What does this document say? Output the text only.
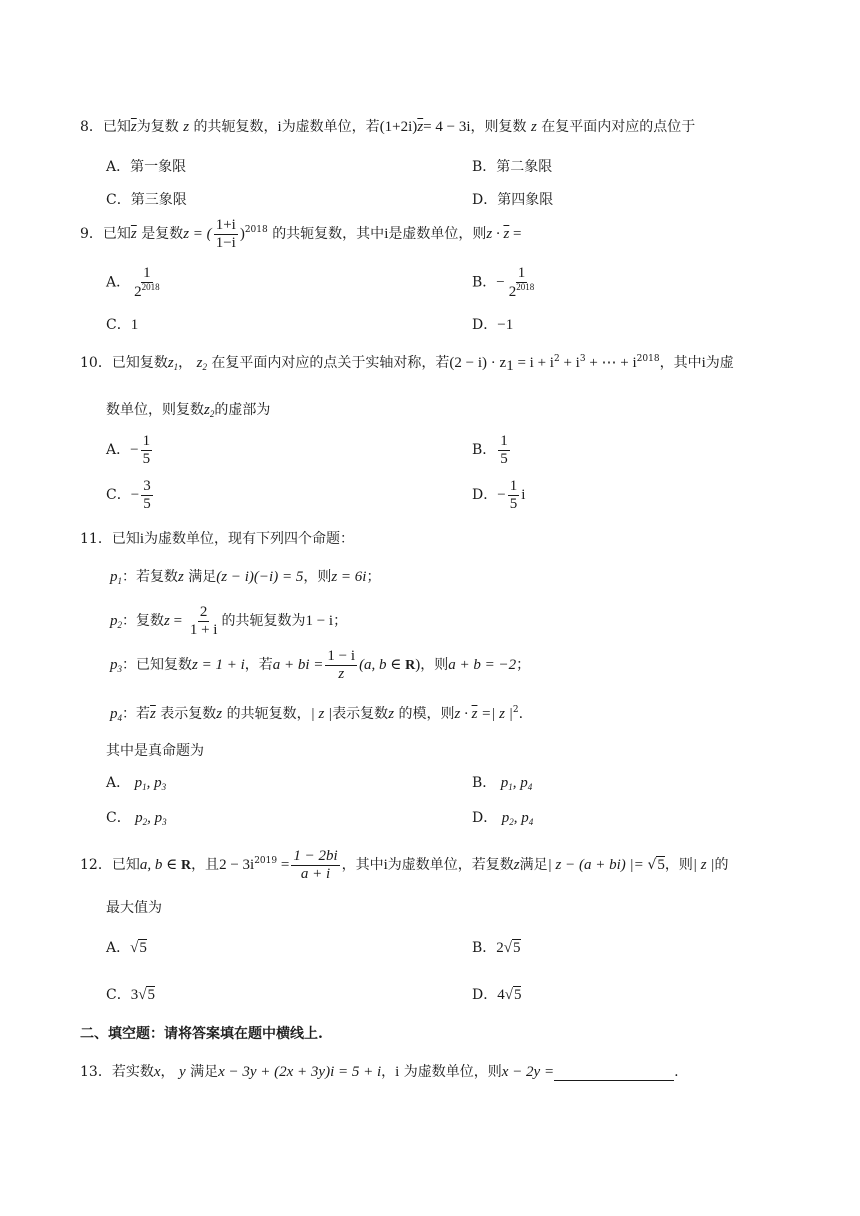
8．已知$\overline{z}$为复数 z 的共轭复数，i为虚数单位，若$(1+2i)\overline{z}= 4 - 3i$，则复数 z 在复平面内对应的点位于
A．第一象限	B．第二象限
C．第三象限	D．第四象限
9．已知$\overline{z}$ 是复数z = ( $\frac{1+i}{1-i} )^{2018}$ 的共轭复数，其中i是虚数单位，则$z \cdot \overline{z}$ =
A． $\frac{1}{2^{2018}}$	B．− $\frac{1}{2^{2018}}$
C．1	D．−1
10．已知复数$z_1$， $z_2$ 在复平面内对应的点关于实轴对称，若$(2 - i) \cdot z_1 = i + i^2 + i^3$ + ⋯ + $i^{2018}$，其中i为虚
数单位，则复数$z_2$的虚部为
A．− $\frac{1}{5}$	B． $\frac{1}{5}$
C．− $\frac{3}{5}$	D．− $\frac{1}{5}$ i
11．已知i为虚数单位，现有下列四个命题：
$p_1$：若复数z 满足(z − i)(−i) = 5，则z = 6i；
$p_2$：复数$z = \frac{2}{1 + i}$ 的共轭复数为1 − i；
$p_3$：已知复数z = 1 + i，若a + bi = $\frac{1 - i}{z} (a$, b ∈ R)，则a + b = −2；
$p_4$：若$\overline{z}$ 表示复数z 的共轭复数，| z |表示复数z 的模，则$z \cdot \overline{z}$ =| z $|^2$.
其中是真命题为
A． $p_1$, $p_3$	B． $p_1$, $p_4$
C． $p_2$, $p_3$	D． $p_2$, $p_4$
12．已知a, b ∈ R，且$2 - 3i^{2019} = \frac{1 - 2bi}{a + i}$ ，其中i为虚数单位，若复数z满足| z − (a + bi) |= √5，则| z |的
最大值为
A．√5	B．2√5
C．3√5	D．4√5
二、填空题：请将答案填在题中横线上.
13．若实数x， y 满足x − 3y + (2x + 3y)i = 5 + i，i 为虚数单位，则x − 2y =	.
